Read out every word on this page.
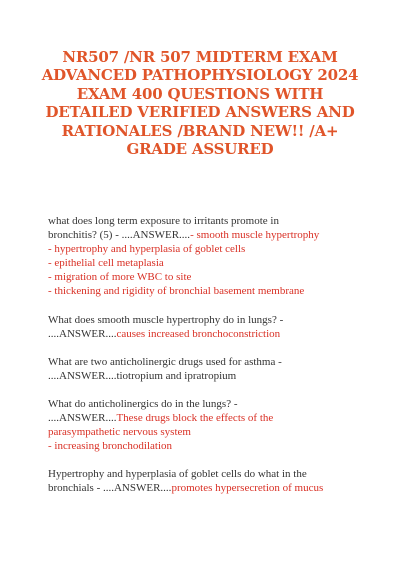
NR507 /NR 507 MIDTERM EXAM
ADVANCED PATHOPHYSIOLOGY 2024
EXAM 400 QUESTIONS WITH
DETAILED VERIFIED ANSWERS AND
RATIONALES /BRAND NEW!! /A+
GRADE ASSURED
what does long term exposure to irritants promote in
bronchitis? (5) - ....ANSWER....- smooth muscle hypertrophy
- hypertrophy and hyperplasia of goblet cells
- epithelial cell metaplasia
- migration of more WBC to site
- thickening and rigidity of bronchial basement membrane
What does smooth muscle hypertrophy do in lungs? -
....ANSWER....causes increased bronchoconstriction
What are two anticholinergic drugs used for asthma -
....ANSWER....tiotropium and ipratropium
What do anticholinergics do in the lungs? -
....ANSWER....These drugs block the effects of the
parasympathetic nervous system
- increasing bronchodilation
Hypertrophy and hyperplasia of goblet cells do what in the
bronchials - ....ANSWER....promotes hypersecretion of mucus
